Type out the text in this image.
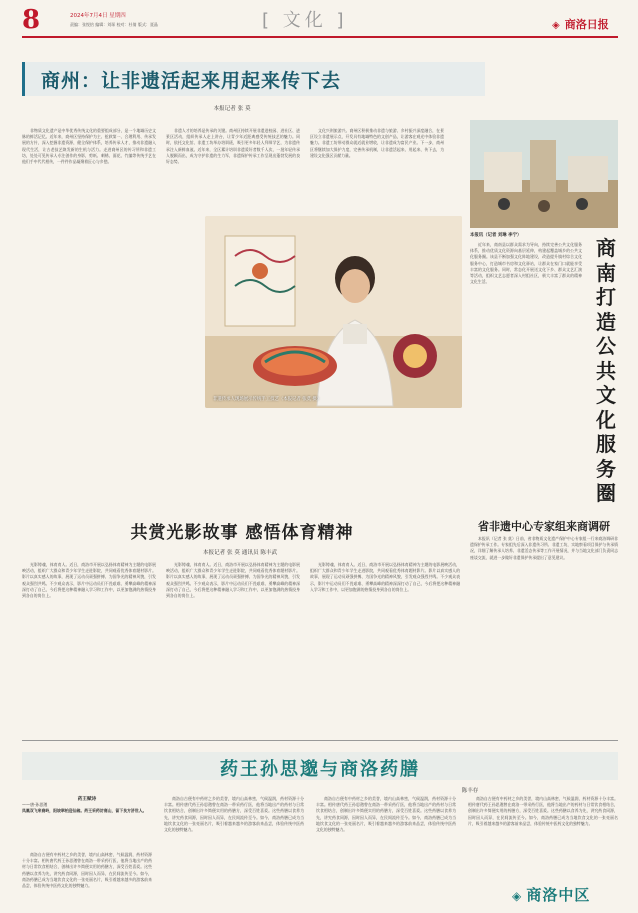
8	2024年7月4日 星期四
责编：张悦怡 编辑：刘琛 校对：杜倩 版式：聂晶	[ 文化 ]	◈ 商洛日报
商州：让非遗活起来用起来传下去
本报记者 张 莫

非物质文化遗产是中华优秀传统文化的重要组成部分，是一个地域历史文脉的鲜活记忆。近年来，商州区坚持保护为主、抢救第一、合理利用、传承发展的方针，深入挖掘非遗资源，健全保护体系，培养传承人才，推动非遗融入现代生活，让古老技艺焕发新的生机与活力。走进商州区的传习所和非遗工坊，处处可见传承人专注创作的身影，剪纸、刺绣、面花、竹编等传统手艺在他们手中代代相传，一件件作品凝聚着匠心与乡愁。

非遗人才的培养是传承的关键。商州区持续开展非遗进校园、进社区、进景区活动，组织传承人走上讲台，让青少年近距离感受传统技艺的魅力。同时，依托文化馆、非遗工坊举办培训班，吸引更多年轻人拜师学艺，为非遗传承注入新鲜血液。近年来，全区累计培训非遗爱好者数千人次，一批年轻传承人脱颖而出，成为守护非遗的生力军，非遗保护传承工作呈现出蓬勃发展的良好态势。

文化兴则旅游兴。商州区积极推动非遗与旅游、乡村振兴深度融合，在景区设立非遗展示点，开发具有地域特色的文创产品，让游客在观光中体验非遗魅力。非遗工坊带动群众就近就业增收，让非遗成为富民产业。下一步，商州区将继续加大保护力度，完善传承机制，让非遗活起来、用起来、传下去，为建设文化强区贡献力量。

非遗传承人现场展示传统手工技艺（本报记者 张莫 摄）
本报讯（记者 刘琳 李宁）

近年来，商南县以群众需求为导向，持续完善公共文化服务体系，推动优质文化资源向基层延伸，构建起覆盖城乡的公共文化服务圈。该县不断加强文化阵地建设，改造提升镇村综合文化服务中心，打造城市书房和文化驿站，让群众在家门口就能享受丰富的文化服务。同时，常态化开展送文化下乡、群众文艺汇演等活动，组织文艺志愿者深入村组社区，极大丰富了群众的精神文化生活。

商南打造公共文化服务圈
省非遗中心专家组来商调研

本报讯（记者 张 莫）日前，省非物质文化遗产保护中心专家组一行来商洛调研非遗保护传承工作。专家组先后深入非遗传习所、非遗工坊，实地察看项目保护与传承情况，详细了解传承人培养、非遗活态传承等工作开展情况，并与当地文化部门负责同志座谈交流，就进一步做好非遗保护传承提出了意见建议。

共赏光影故事 感悟体育精神
本报记者 张 莫 通讯员 陈丰武

光影铸魂，体育育人。近日，商洛市开展以弘扬体育精神为主题的电影展映活动，组织广大群众和青少年学生走进影院，共同观看优秀体育题材影片。影片以真实感人的故事，展现了运动员顽强拼搏、为国争光的精神风貌，引发观众强烈共鸣。不少观众表示，影片中运动员们不畏艰难、勇攀高峰的精神深深打动了自己，今后将把这种精神融入学习和工作中，以更加饱满的热情投身到各自的岗位上。

光影铸魂，体育育人。近日，商洛市开展以弘扬体育精神为主题的电影展映活动，组织广大群众和青少年学生走进影院，共同观看优秀体育题材影片。影片以真实感人的故事，展现了运动员顽强拼搏、为国争光的精神风貌，引发观众强烈共鸣。不少观众表示，影片中运动员们不畏艰难、勇攀高峰的精神深深打动了自己，今后将把这种精神融入学习和工作中，以更加饱满的热情投身到各自的岗位上。

光影铸魂，体育育人。近日，商洛市开展以弘扬体育精神为主题的电影展映活动，组织广大群众和青少年学生走进影院，共同观看优秀体育题材影片。影片以真实感人的故事，展现了运动员顽强拼搏、为国争光的精神风貌，引发观众强烈共鸣。不少观众表示，影片中运动员们不畏艰难、勇攀高峰的精神深深打动了自己，今后将把这种精神融入学习和工作中，以更加饱满的热情投身到各自的岗位上。

药王孙思邈与商洛药膳
陈丰存
药王赋诗
——唐·孙思邈
凤凰双飞来商岭，阳坡翠柏迎仙翁。药王采药访商山，留下良方济世人。

商洛自古便有中药材之乡的美誉，境内山高林密，气候温润，药材资源十分丰富。相传唐代药王孙思邈曾在商洛一带采药行医，他将当地出产的药材与日常饮食相结合，创制出许多简便实用的药膳方，深受百姓喜爱。这些药膳以食养为先，讲究药食同源，因时因人而异，在民间流传至今。如今，商洛药膳已成为当地饮食文化的一张亮丽名片，吸引着越来越多的游客前来品尝，体验传统中医药文化的独特魅力。

商洛自古便有中药材之乡的美誉，境内山高林密，气候温润，药材资源十分丰富。相传唐代药王孙思邈曾在商洛一带采药行医，他将当地出产的药材与日常饮食相结合，创制出许多简便实用的药膳方，深受百姓喜爱。这些药膳以食养为先，讲究药食同源，因时因人而异，在民间流传至今。如今，商洛药膳已成为当地饮食文化的一张亮丽名片，吸引着越来越多的游客前来品尝，体验传统中医药文化的独特魅力。

商洛自古便有中药材之乡的美誉，境内山高林密，气候温润，药材资源十分丰富。相传唐代药王孙思邈曾在商洛一带采药行医，他将当地出产的药材与日常饮食相结合，创制出许多简便实用的药膳方，深受百姓喜爱。这些药膳以食养为先，讲究药食同源，因时因人而异，在民间流传至今。如今，商洛药膳已成为当地饮食文化的一张亮丽名片，吸引着越来越多的游客前来品尝，体验传统中医药文化的独特魅力。

商洛自古便有中药材之乡的美誉，境内山高林密，气候温润，药材资源十分丰富。相传唐代药王孙思邈曾在商洛一带采药行医，他将当地出产的药材与日常饮食相结合，创制出许多简便实用的药膳方，深受百姓喜爱。这些药膳以食养为先，讲究药食同源，因时因人而异，在民间流传至今。如今，商洛药膳已成为当地饮食文化的一张亮丽名片，吸引着越来越多的游客前来品尝，体验传统中医药文化的独特魅力。

◈ 商洛中区
